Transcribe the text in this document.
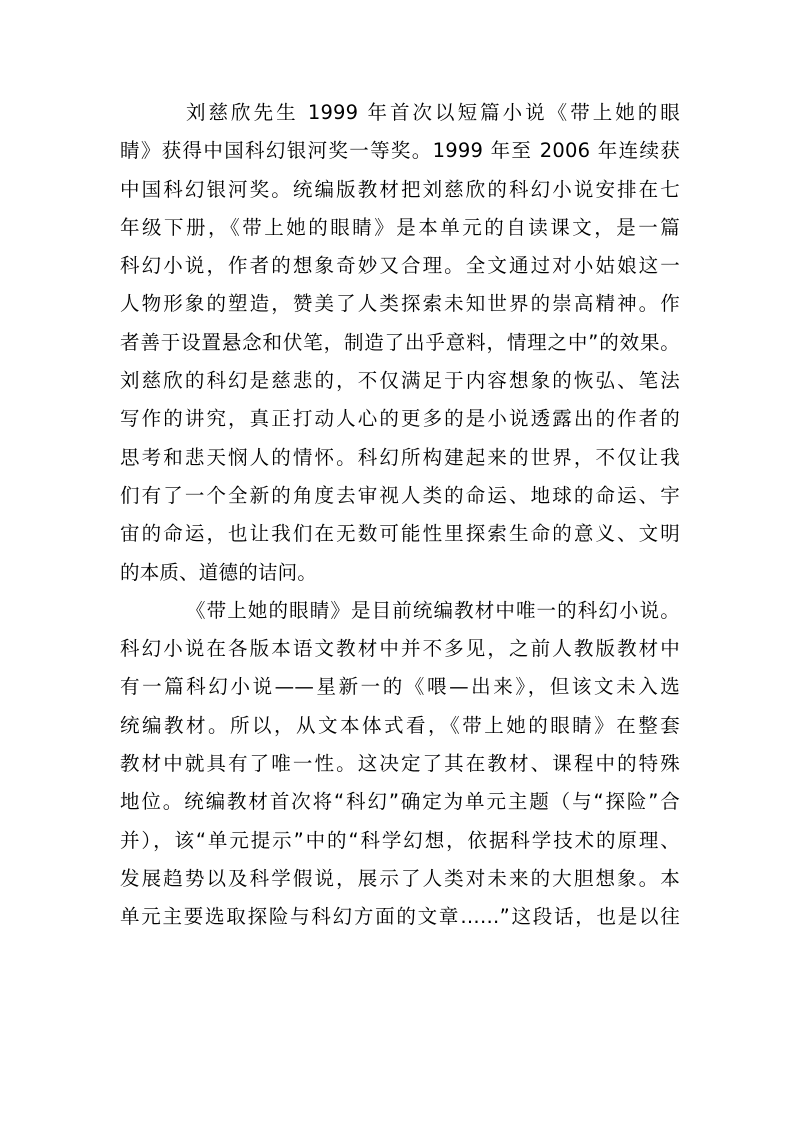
刘慈欣先生 1999 年首次以短篇小说《带上她的眼
睛》获得中国科幻银河奖一等奖。1999 年至 2006 年连续获
中国科幻银河奖。统编版教材把刘慈欣的科幻小说安排在七
年级下册，《带上她的眼睛》是本单元的自读课文，是一篇
科幻小说，作者的想象奇妙又合理。全文通过对小姑娘这一
人物形象的塑造，赞美了人类探索未知世界的崇高精神。作
者善于设置悬念和伏笔，制造了出乎意料，情理之中”的效果。
刘慈欣的科幻是慈悲的，不仅满足于内容想象的恢弘、笔法
写作的讲究，真正打动人心的更多的是小说透露出的作者的
思考和悲天悯人的情怀。科幻所构建起来的世界，不仅让我
们有了一个全新的角度去审视人类的命运、地球的命运、宇
宙的命运，也让我们在无数可能性里探索生命的意义、文明
的本质、道德的诘问。
《带上她的眼睛》是目前统编教材中唯一的科幻小说。
科幻小说在各版本语文教材中并不多见，之前人教版教材中
有一篇科幻小说——星新一的《喂—出来》，但该文未入选
统编教材。所以，从文本体式看，《带上她的眼睛》在整套
教材中就具有了唯一性。这决定了其在教材、课程中的特殊
地位。统编教材首次将“科幻”确定为单元主题（与“探险”合
并），该“单元提示”中的“科学幻想，依据科学技术的原理、
发展趋势以及科学假说，展示了人类对未来的大胆想象。本
单元主要选取探险与科幻方面的文章……”这段话，也是以往
